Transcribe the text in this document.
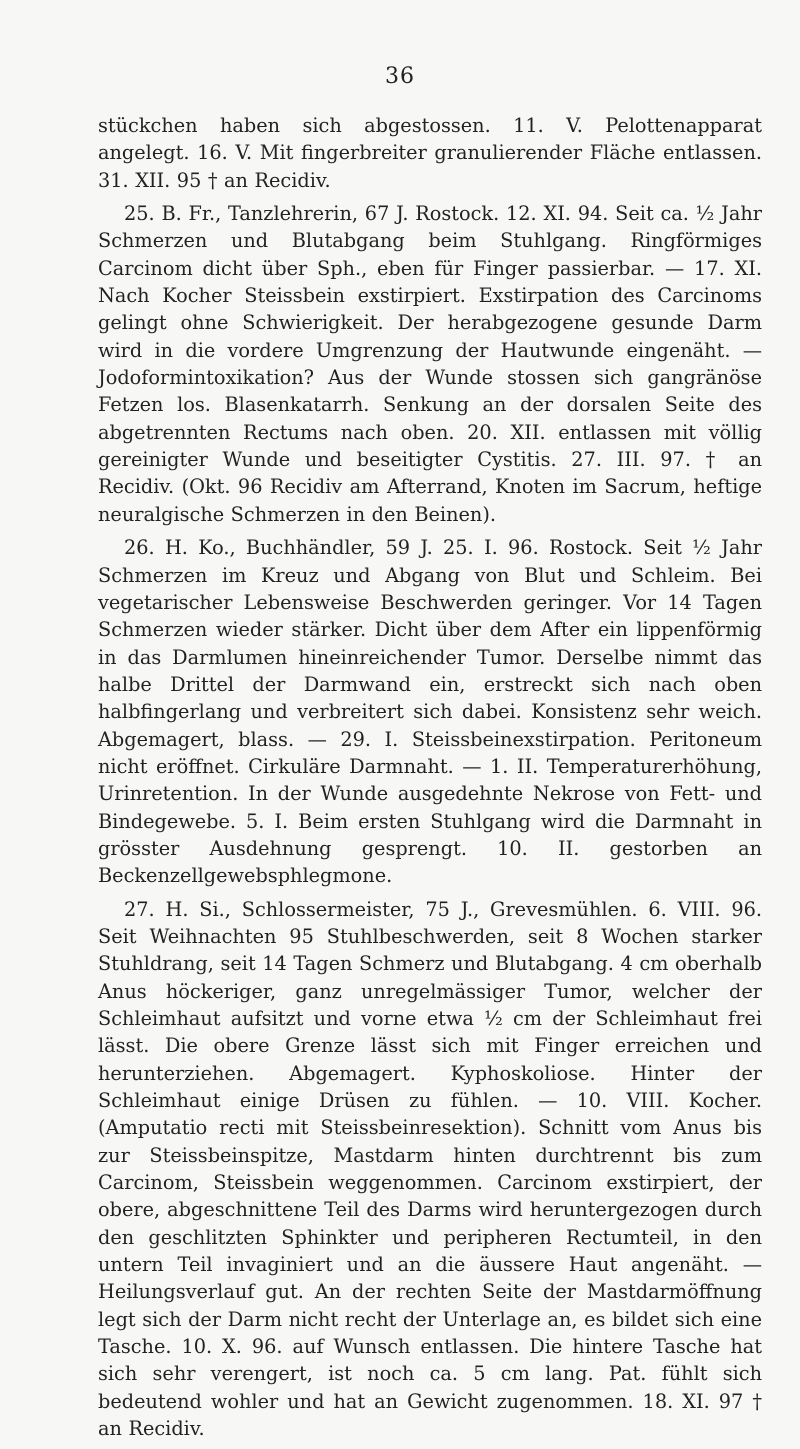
36

stückchen haben sich abgestossen. 11. V. Pelottenapparat angelegt. 16. V. Mit fingerbreiter granulierender Fläche entlassen. 31. XII. 95 † an Recidiv.

25. B. Fr., Tanzlehrerin, 67 J. Rostock. 12. XI. 94. Seit ca. ½ Jahr Schmerzen und Blutabgang beim Stuhlgang. Ringförmiges Carcinom dicht über Sph., eben für Finger passierbar. — 17. XI. Nach Kocher Steissbein exstirpiert. Exstirpation des Carcinoms gelingt ohne Schwierigkeit. Der herabgezogene gesunde Darm wird in die vordere Umgrenzung der Hautwunde eingenäht. — Jodoformintoxikation? Aus der Wunde stossen sich gangränöse Fetzen los. Blasenkatarrh. Senkung an der dorsalen Seite des abgetrennten Rectums nach oben. 20. XII. entlassen mit völlig gereinigter Wunde und beseitigter Cystitis. 27. III. 97. † an Recidiv. (Okt. 96 Recidiv am Afterrand, Knoten im Sacrum, heftige neuralgische Schmerzen in den Beinen).

26. H. Ko., Buchhändler, 59 J. 25. I. 96. Rostock. Seit ½ Jahr Schmerzen im Kreuz und Abgang von Blut und Schleim. Bei vegetarischer Lebensweise Beschwerden geringer. Vor 14 Tagen Schmerzen wieder stärker. Dicht über dem After ein lippenförmig in das Darmlumen hineinreichender Tumor. Derselbe nimmt das halbe Drittel der Darmwand ein, erstreckt sich nach oben halbfingerlang und verbreitert sich dabei. Konsistenz sehr weich. Abgemagert, blass. — 29. I. Steissbeinexstirpation. Peritoneum nicht eröffnet. Cirkuläre Darmnaht. — 1. II. Temperaturerhöhung, Urinretention. In der Wunde ausgedehnte Nekrose von Fett- und Bindegewebe. 5. I. Beim ersten Stuhlgang wird die Darmnaht in grösster Ausdehnung gesprengt. 10. II. gestorben an Beckenzellgewebsphlegmone.

27. H. Si., Schlossermeister, 75 J., Grevesmühlen. 6. VIII. 96. Seit Weihnachten 95 Stuhlbeschwerden, seit 8 Wochen starker Stuhldrang, seit 14 Tagen Schmerz und Blutabgang. 4 cm oberhalb Anus höckeriger, ganz unregelmässiger Tumor, welcher der Schleimhaut aufsitzt und vorne etwa ½ cm der Schleimhaut frei lässt. Die obere Grenze lässt sich mit Finger erreichen und herunterziehen. Abgemagert. Kyphoskoliose. Hinter der Schleimhaut einige Drüsen zu fühlen. — 10. VIII. Kocher. (Amputatio recti mit Steissbeinresektion). Schnitt vom Anus bis zur Steissbeinspitze, Mastdarm hinten durchtrennt bis zum Carcinom, Steissbein weggenommen. Carcinom exstirpiert, der obere, abgeschnittene Teil des Darms wird heruntergezogen durch den geschlitzten Sphinkter und peripheren Rectumteil, in den untern Teil invaginiert und an die äussere Haut angenäht. — Heilungsverlauf gut. An der rechten Seite der Mastdarmöffnung legt sich der Darm nicht recht der Unterlage an, es bildet sich eine Tasche. 10. X. 96. auf Wunsch entlassen. Die hintere Tasche hat sich sehr verengert, ist noch ca. 5 cm lang. Pat. fühlt sich bedeutend wohler und hat an Gewicht zugenommen. 18. XI. 97 † an Recidiv.
